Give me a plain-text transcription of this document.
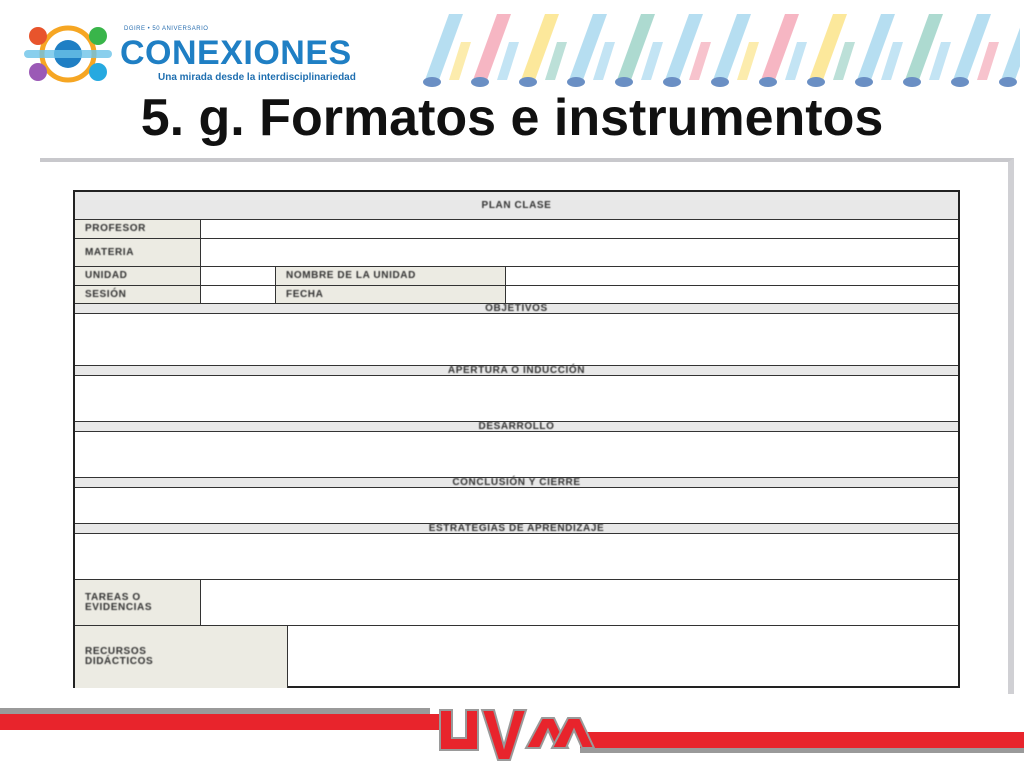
DGIRE • 50 ANIVERSARIO
CONEXIONES
Una mirada desde la interdisciplinariedad
5. g. Formatos e instrumentos
PLAN CLASE
PROFESOR
MATERIA
UNIDAD	NOMBRE DE LA UNIDAD
SESIÓN	FECHA
OBJETIVOS
APERTURA O INDUCCIÓN
DESARROLLO
CONCLUSIÓN Y CIERRE
ESTRATEGIAS DE APRENDIZAJE
TAREAS O
EVIDENCIAS
RECURSOS
DIDÁCTICOS
